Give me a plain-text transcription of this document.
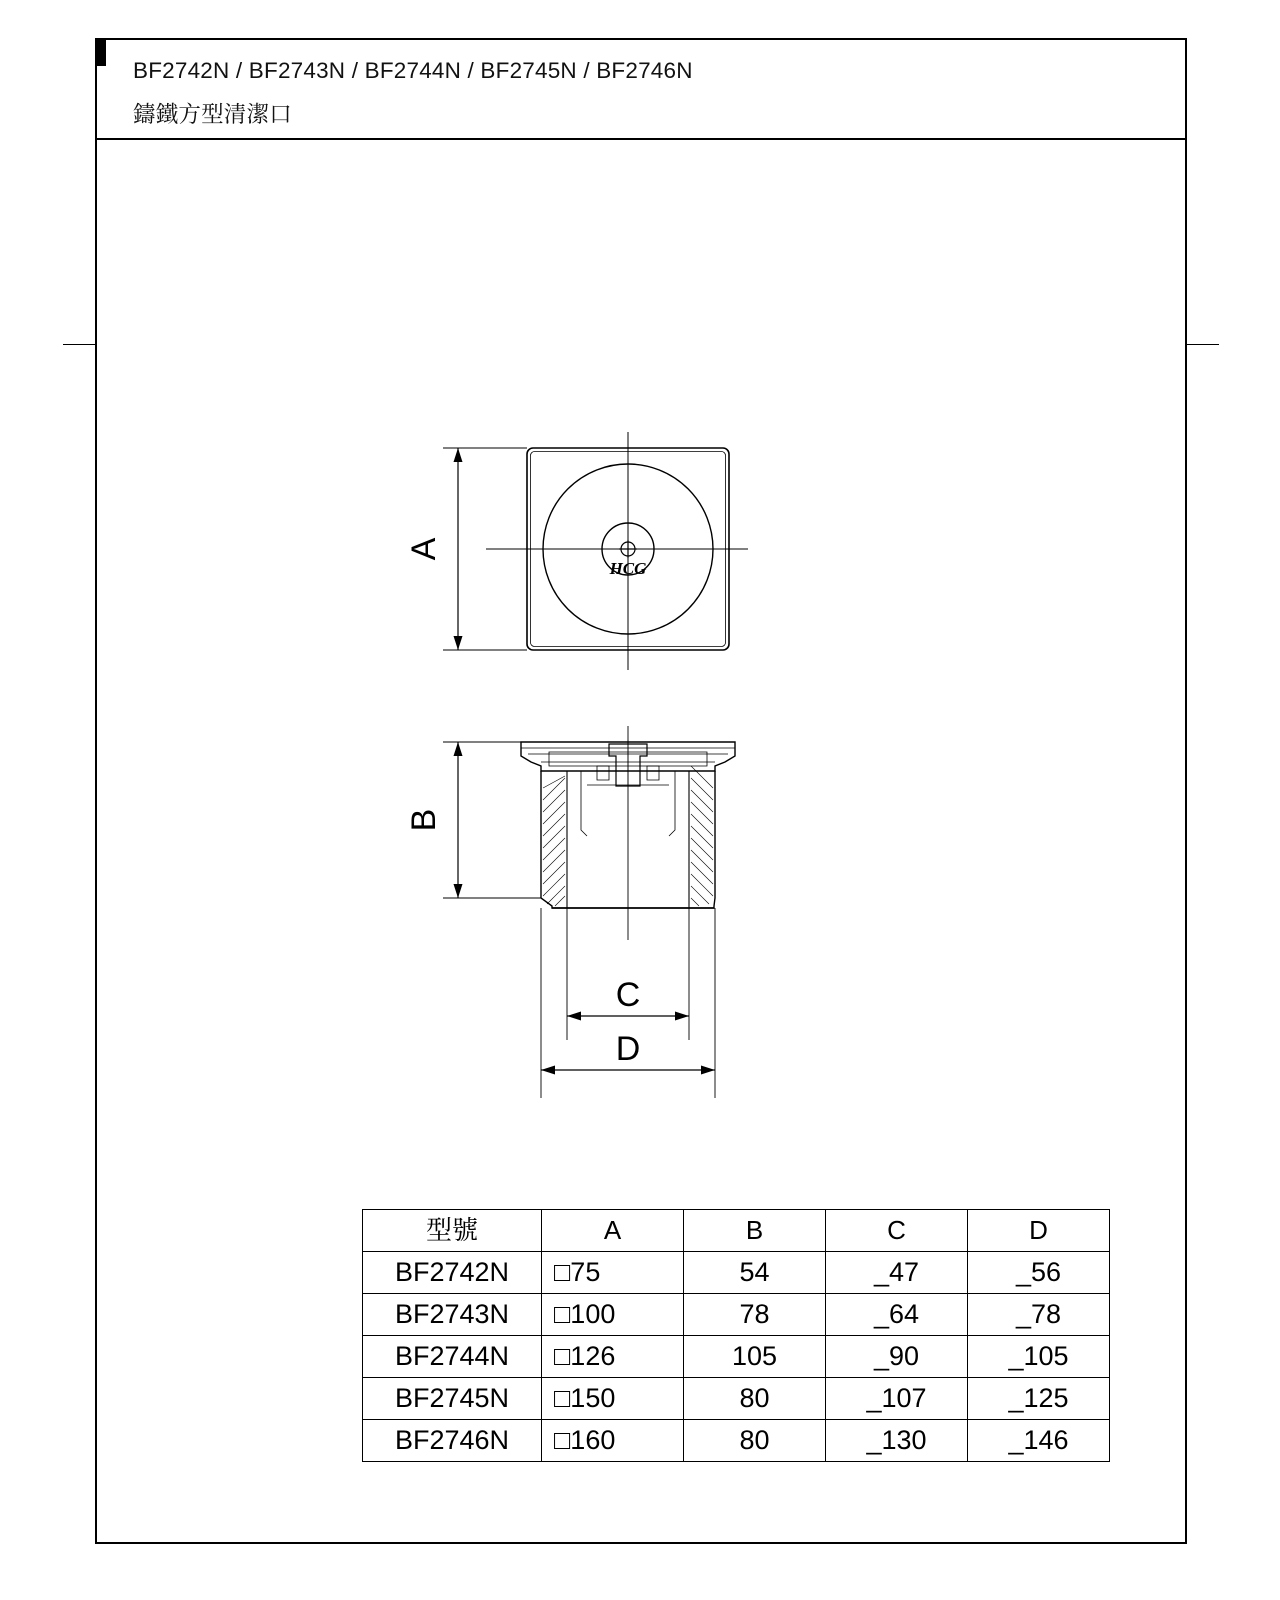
BF2742N / BF2743N / BF2744N / BF2745N / BF2746N
鑄鐵方型清潔口
A
B
C
D
HCG
型號	A	B	C	D
BF2742N	□75	54	_47	_56
BF2743N	□100	78	_64	_78
BF2744N	□126	105	_90	_105
BF2745N	□150	80	_107	_125
BF2746N	□160	80	_130	_146
